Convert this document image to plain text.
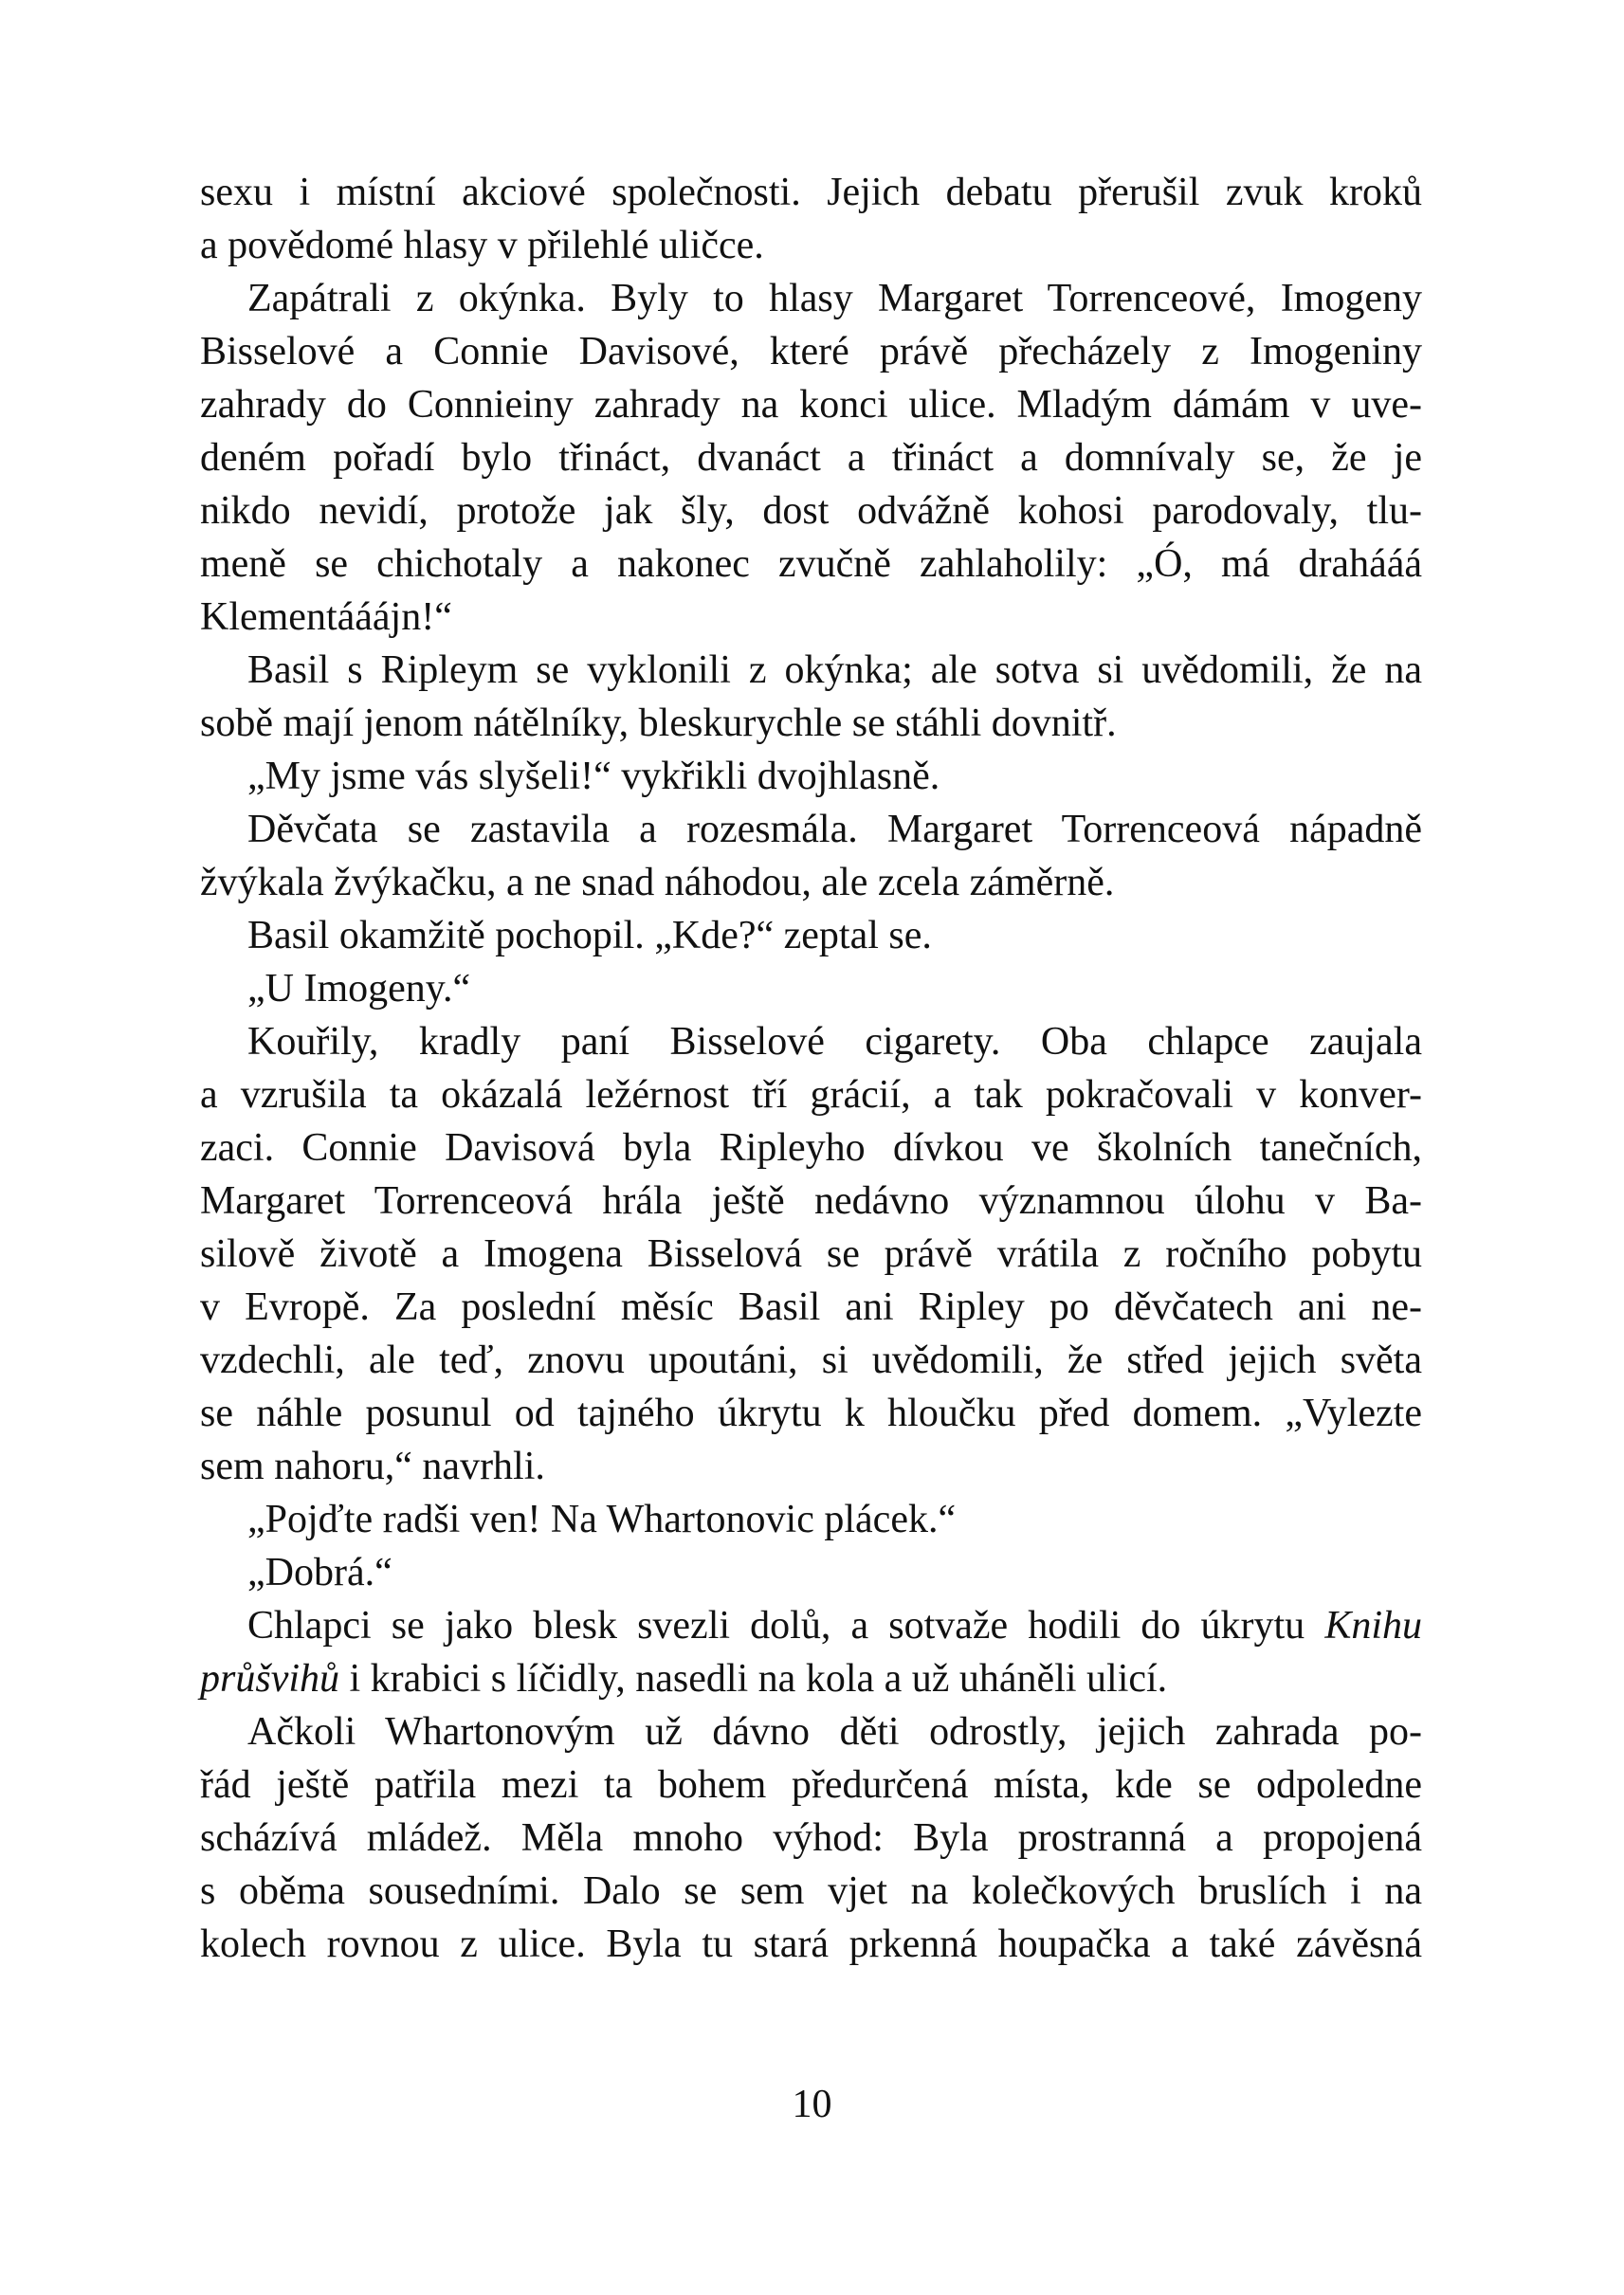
sexu i místní akciové společnosti. Jejich debatu přerušil zvuk kroků
a povědomé hlasy v přilehlé uličce.
Zapátrali z okýnka. Byly to hlasy Margaret Torrenceové, Imogeny
Bisselové a Connie Davisové, které právě přecházely z Imogeniny
zahrady do Connieiny zahrady na konci ulice. Mladým dámám v uve-
deném pořadí bylo třináct, dvanáct a třináct a domnívaly se, že je
nikdo nevidí, protože jak šly, dost odvážně kohosi parodovaly, tlu-
meně se chichotaly a nakonec zvučně zahlaholily: „Ó, má drahááá
Klementááájn!“
Basil s Ripleym se vyklonili z okýnka; ale sotva si uvědomili, že na
sobě mají jenom nátělníky, bleskurychle se stáhli dovnitř.
„My jsme vás slyšeli!“ vykřikli dvojhlasně.
Děvčata se zastavila a rozesmála. Margaret Torrenceová nápadně
žvýkala žvýkačku, a ne snad náhodou, ale zcela záměrně.
Basil okamžitě pochopil. „Kde?“ zeptal se.
„U Imogeny.“
Kouřily, kradly paní Bisselové cigarety. Oba chlapce zaujala
a vzrušila ta okázalá ležérnost tří grácií, a tak pokračovali v konver-
zaci. Connie Davisová byla Ripleyho dívkou ve školních tanečních,
Margaret Torrenceová hrála ještě nedávno významnou úlohu v Ba-
silově životě a Imogena Bisselová se právě vrátila z ročního pobytu
v Evropě. Za poslední měsíc Basil ani Ripley po děvčatech ani ne-
vzdechli, ale teď, znovu upoutáni, si uvědomili, že střed jejich světa
se náhle posunul od tajného úkrytu k hloučku před domem. „Vylezte
sem nahoru,“ navrhli.
„Pojďte radši ven! Na Whartonovic plácek.“
„Dobrá.“
Chlapci se jako blesk svezli dolů, a sotvaže hodili do úkrytu Knihu
průšvihů i krabici s líčidly, nasedli na kola a už uháněli ulicí.
Ačkoli Whartonovým už dávno děti odrostly, jejich zahrada po-
řád ještě patřila mezi ta bohem předurčená místa, kde se odpoledne
scházívá mládež. Měla mnoho výhod: Byla prostranná a propojená
s oběma sousedními. Dalo se sem vjet na kolečkových bruslích i na
kolech rovnou z ulice. Byla tu stará prkenná houpačka a také závěsná
10
